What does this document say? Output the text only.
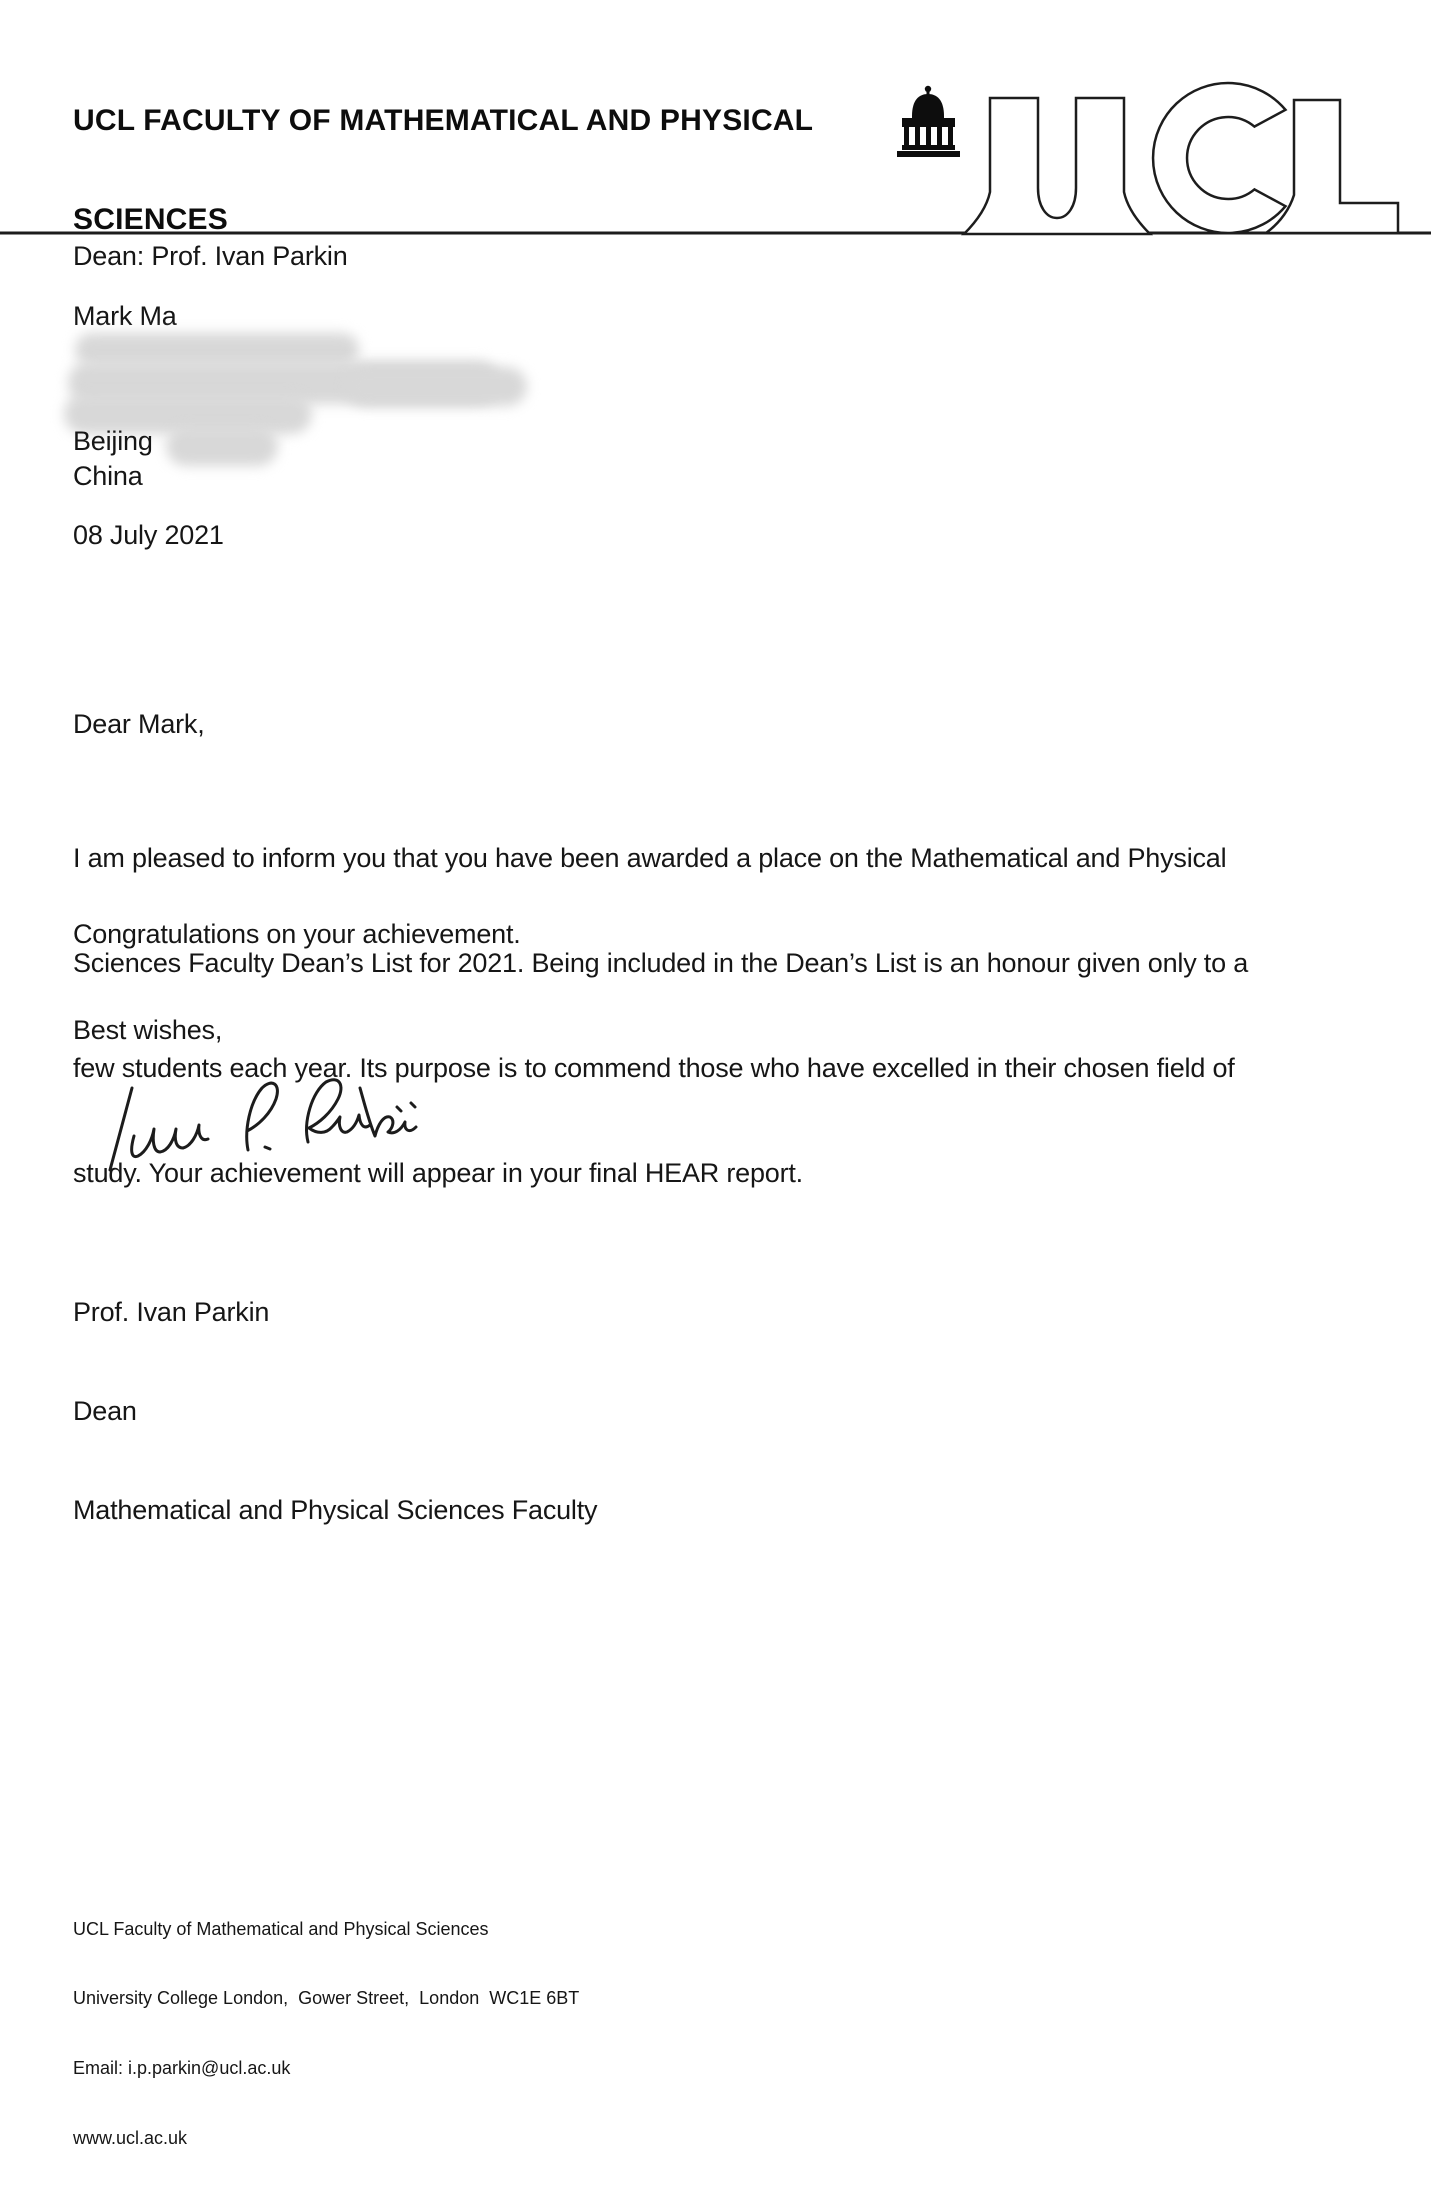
UCL FACULTY OF MATHEMATICAL AND PHYSICAL

SCIENCES

Dean: Prof. Ivan Parkin
Mark Ma
Beijing
China
08 July 2021
Dear Mark,

I am pleased to inform you that you have been awarded a place on the Mathematical and Physical

Sciences Faculty Dean’s List for 2021. Being included in the Dean’s List is an honour given only to a

few students each year. Its purpose is to commend those who have excelled in their chosen field of

study. Your achievement will appear in your final HEAR report.

Congratulations on your achievement.
Best wishes,

Prof. Ivan Parkin

Dean

Mathematical and Physical Sciences Faculty

UCL Faculty of Mathematical and Physical Sciences

University College London,  Gower Street,  London  WC1E 6BT

Email: i.p.parkin@ucl.ac.uk

www.ucl.ac.uk
